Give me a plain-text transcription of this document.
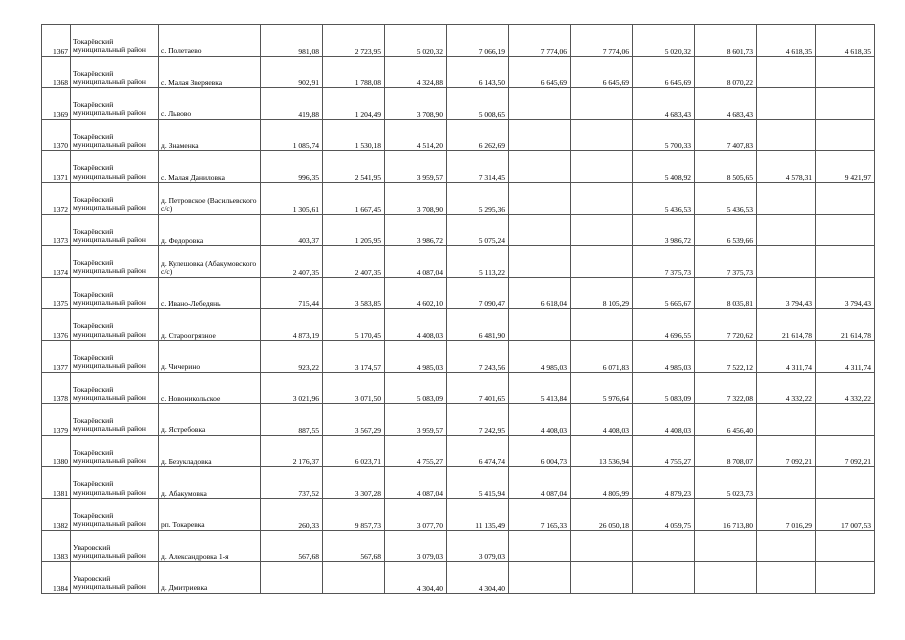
1367	Токарёвский муниципальный район	с. Полетаево	981,08	2 723,95	5 020,32	7 066,19	7 774,06	7 774,06	5 020,32	8 601,73	4 618,35	4 618,35
1368	Токарёвский муниципальный район	с. Малая Зверяевка	902,91	1 788,08	4 324,88	6 143,50	6 645,69	6 645,69	6 645,69	8 070,22		
1369	Токарёвский муниципальный район	с. Львово	419,88	1 204,49	3 708,90	5 008,65			4 683,43	4 683,43		
1370	Токарёвский муниципальный район	д. Знаменка	1 085,74	1 530,18	4 514,20	6 262,69			5 700,33	7 407,83		
1371	Токарёвский муниципальный район	с. Малая Даниловка	996,35	2 541,95	3 959,57	7 314,45			5 408,92	8 505,65	4 578,31	9 421,97
1372	Токарёвский муниципальный район	д. Петровское (Васильевского с/с)	1 305,61	1 667,45	3 708,90	5 295,36			5 436,53	5 436,53		
1373	Токарёвский муниципальный район	д. Федоровка	403,37	1 205,95	3 986,72	5 075,24			3 986,72	6 539,66		
1374	Токарёвский муниципальный район	д. Кулешовка (Абакумовского с/с)	2 407,35	2 407,35	4 087,04	5 113,22			7 375,73	7 375,73		
1375	Токарёвский муниципальный район	с. Ивано-Лебедянь	715,44	3 583,85	4 602,10	7 090,47	6 618,04	8 105,29	5 665,67	8 035,81	3 794,43	3 794,43
1376	Токарёвский муниципальный район	д. Староогрязное	4 873,19	5 170,45	4 408,03	6 481,90			4 696,55	7 720,62	21 614,78	21 614,78
1377	Токарёвский муниципальный район	д. Чичерино	923,22	3 174,57	4 985,03	7 243,56	4 985,03	6 071,83	4 985,03	7 522,12	4 311,74	4 311,74
1378	Токарёвский муниципальный район	с. Новоникольское	3 021,96	3 071,50	5 083,09	7 401,65	5 413,84	5 976,64	5 083,09	7 322,08	4 332,22	4 332,22
1379	Токарёвский муниципальный район	д. Ястребовка	887,55	3 567,29	3 959,57	7 242,95	4 408,03	4 408,03	4 408,03	6 456,40		
1380	Токарёвский муниципальный район	д. Безукладовка	2 176,37	6 023,71	4 755,27	6 474,74	6 004,73	13 536,94	4 755,27	8 708,07	7 092,21	7 092,21
1381	Токарёвский муниципальный район	д. Абакумовка	737,52	3 307,28	4 087,04	5 415,94	4 087,04	4 805,99	4 879,23	5 023,73		
1382	Токарёвский муниципальный район	рп. Токаревка	260,33	9 857,73	3 077,70	11 135,49	7 165,33	26 050,18	4 059,75	16 713,80	7 016,29	17 007,53
1383	Уваровский муниципальный район	д. Александровка 1-я	567,68	567,68	3 079,03	3 079,03						
1384	Уваровский муниципальный район	д. Дмитриевка			4 304,40	4 304,40						
